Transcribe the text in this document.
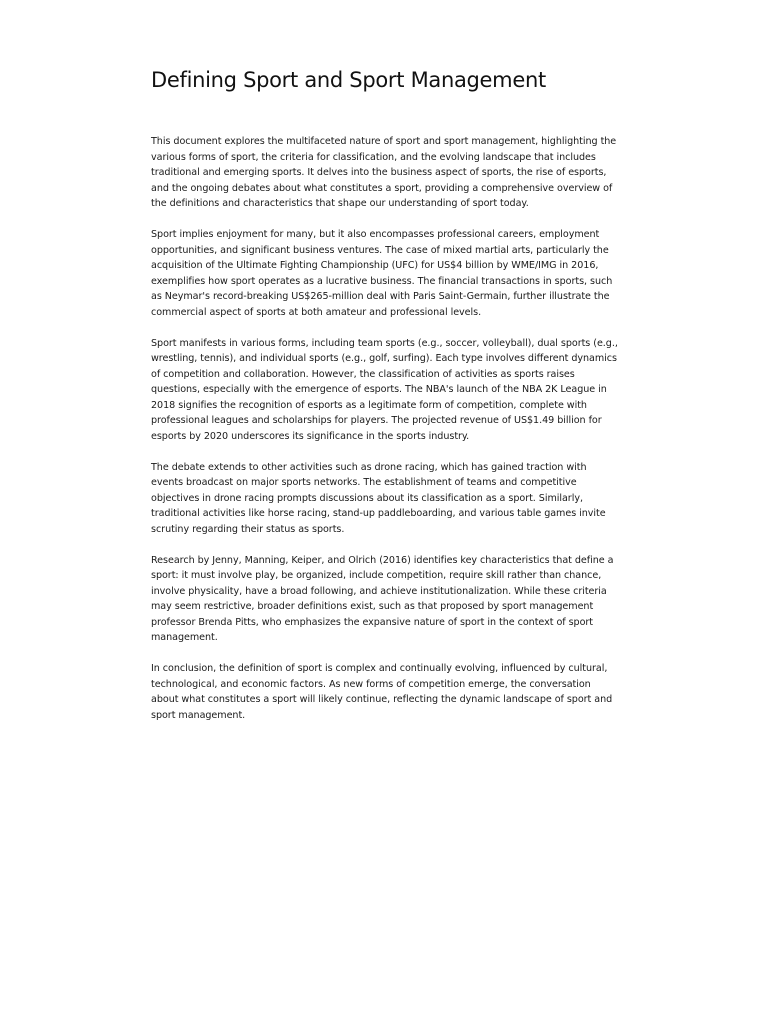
Defining Sport and Sport Management

This document explores the multifaceted nature of sport and sport management, highlighting the various forms of sport, the criteria for classification, and the evolving landscape that includes traditional and emerging sports. It delves into the business aspect of sports, the rise of esports, and the ongoing debates about what constitutes a sport, providing a comprehensive overview of the definitions and characteristics that shape our understanding of sport today.

Sport implies enjoyment for many, but it also encompasses professional careers, employment opportunities, and significant business ventures. The case of mixed martial arts, particularly the acquisition of the Ultimate Fighting Championship (UFC) for US$4 billion by WME/IMG in 2016, exemplifies how sport operates as a lucrative business. The financial transactions in sports, such as Neymar's record-breaking US$265-million deal with Paris Saint-Germain, further illustrate the commercial aspect of sports at both amateur and professional levels.

Sport manifests in various forms, including team sports (e.g., soccer, volleyball), dual sports (e.g., wrestling, tennis), and individual sports (e.g., golf, surfing). Each type involves different dynamics of competition and collaboration. However, the classification of activities as sports raises questions, especially with the emergence of esports. The NBA's launch of the NBA 2K League in 2018 signifies the recognition of esports as a legitimate form of competition, complete with professional leagues and scholarships for players. The projected revenue of US$1.49 billion for esports by 2020 underscores its significance in the sports industry.

The debate extends to other activities such as drone racing, which has gained traction with events broadcast on major sports networks. The establishment of teams and competitive objectives in drone racing prompts discussions about its classification as a sport. Similarly, traditional activities like horse racing, stand-up paddleboarding, and various table games invite scrutiny regarding their status as sports.

Research by Jenny, Manning, Keiper, and Olrich (2016) identifies key characteristics that define a sport: it must involve play, be organized, include competition, require skill rather than chance, involve physicality, have a broad following, and achieve institutionalization. While these criteria may seem restrictive, broader definitions exist, such as that proposed by sport management professor Brenda Pitts, who emphasizes the expansive nature of sport in the context of sport management.

In conclusion, the definition of sport is complex and continually evolving, influenced by cultural, technological, and economic factors. As new forms of competition emerge, the conversation about what constitutes a sport will likely continue, reflecting the dynamic landscape of sport and sport management.
